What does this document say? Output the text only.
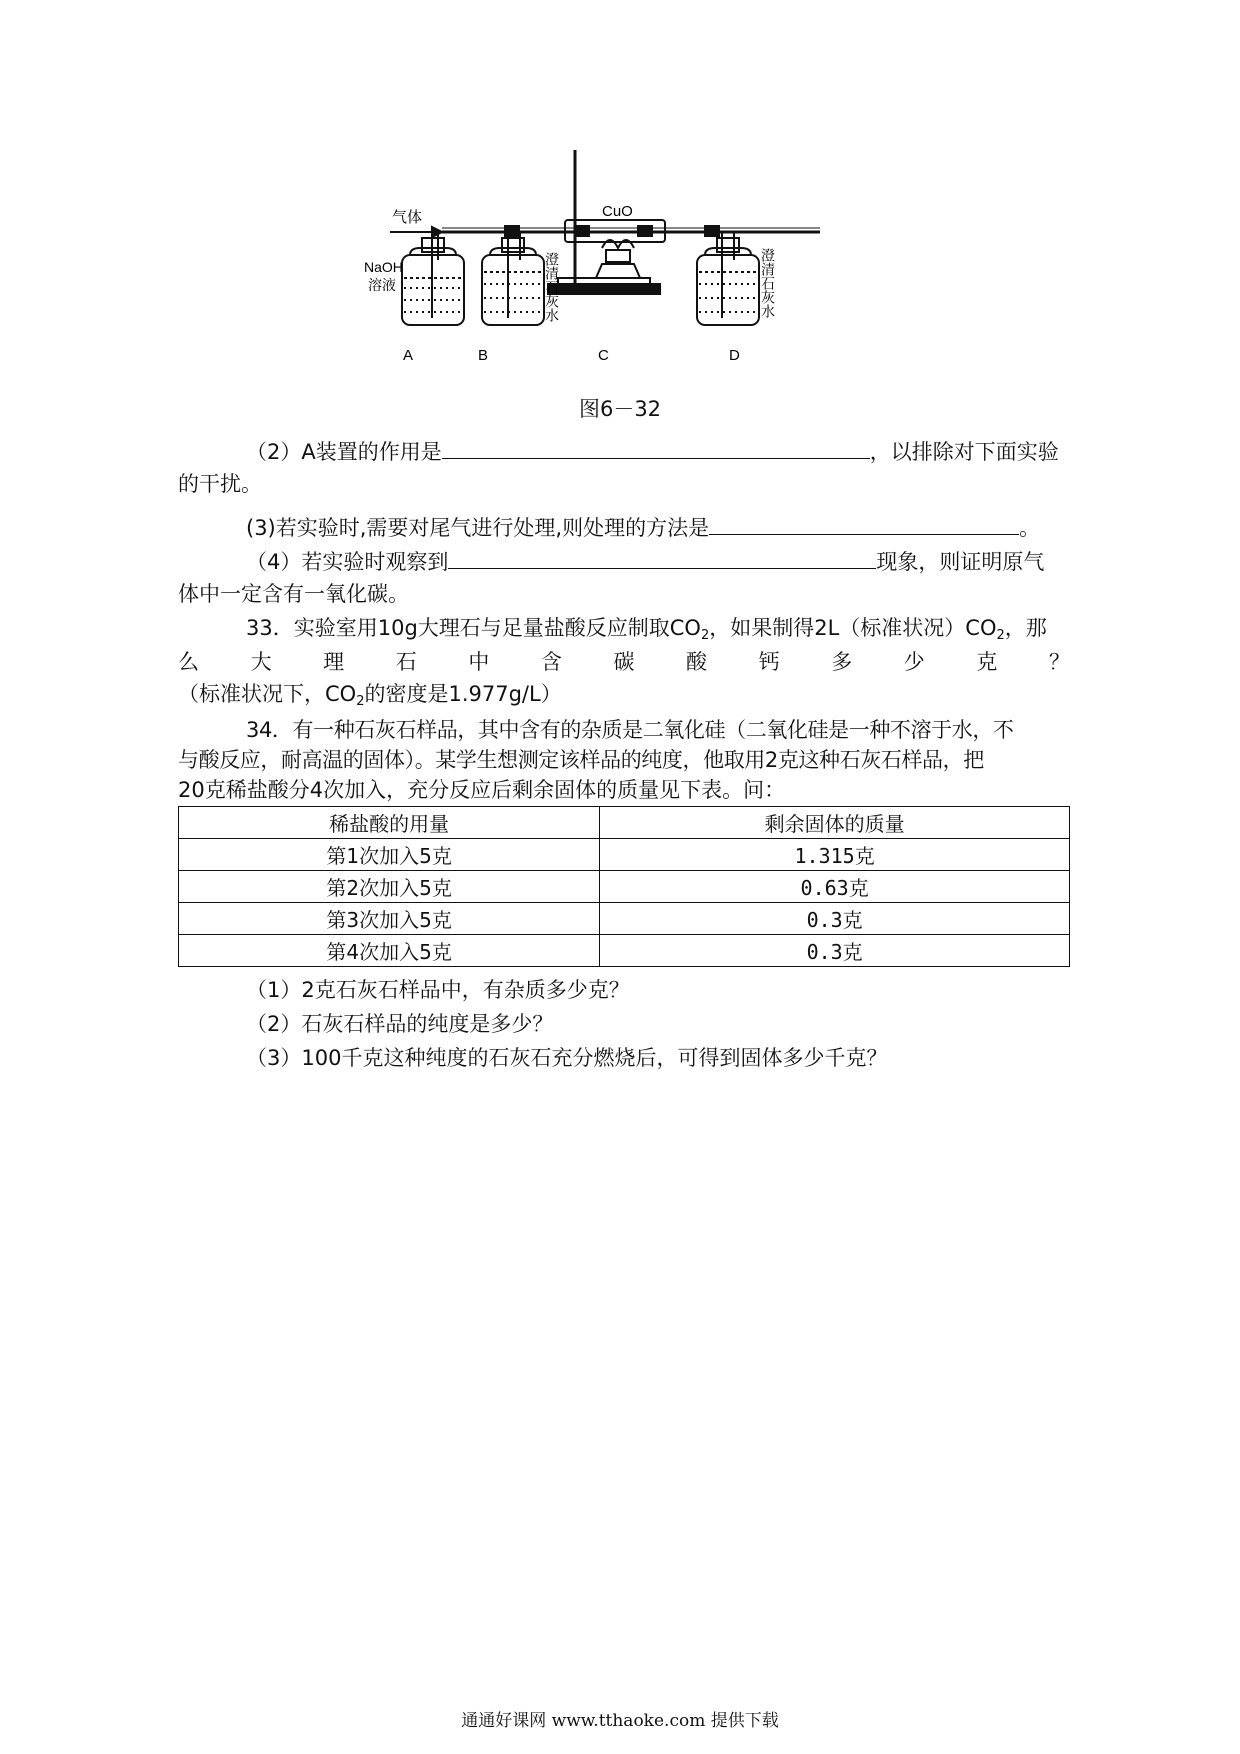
气体	CuO
NaOH
溶液	澄清石灰水	澄清石灰水
A	B	C	D
图6－32
（2）A装置的作用是	，以排除对下面实验
的干扰。
(3)若实验时,需要对尾气进行处理,则处理的方法是	。
（4）若实验时观察到	现象，则证明原气
体中一定含有一氧化碳。
33．实验室用10g大理石与足量盐酸反应制取$CO_2$，如果制得2L（标准状况）$CO_2$，那
么 大 理 石 中 含 碳 酸 钙 多 少 克 ？
（标准状况下，$CO_2$的密度是1.977g/L）
34．有一种石灰石样品，其中含有的杂质是二氧化硅（二氧化硅是一种不溶于水，不
与酸反应，耐高温的固体）。某学生想测定该样品的纯度，他取用2克这种石灰石样品，把
20克稀盐酸分4次加入，充分反应后剩余固体的质量见下表。问：
稀盐酸的用量	剩余固体的质量
第1次加入5克	1.315克
第2次加入5克	0.63克
第3次加入5克	0.3克
第4次加入5克	0.3克
（1）2克石灰石样品中，有杂质多少克？
（2）石灰石样品的纯度是多少？
（3）100千克这种纯度的石灰石充分燃烧后，可得到固体多少千克？
通通好课网 www.tthaoke.com 提供下载
